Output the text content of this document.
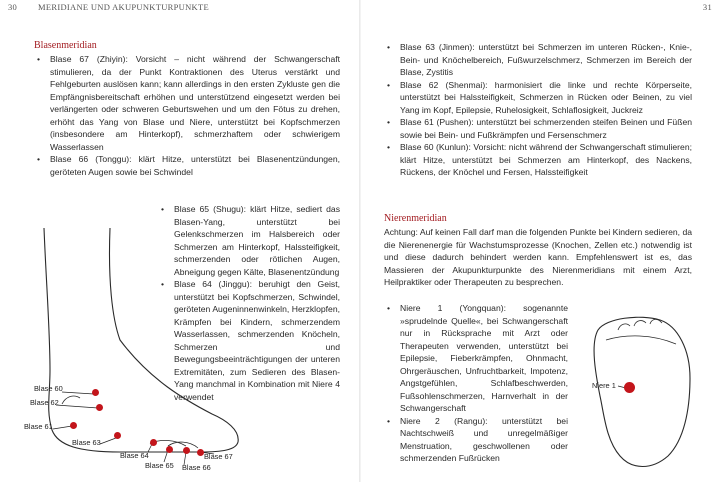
30 MERIDIANE UND AKUPUNKTURPUNKTE	31
Blasenmeridian

• Blase 67 (Zhiyin): Vorsicht – nicht während der Schwangerschaft stimulieren, da der Punkt Kontraktionen des Uterus verstärkt und Fehlgeburten auslösen kann; kann allerdings in den ersten Zykluste gen die Empfängnisbereitschaft erhöhen und unterstützend eingesetzt werden bei verlängerten oder schweren Geburtswehen und um den Fötus zu drehen, erhöht das Yang von Blase und Niere, unterstützt bei Kopfschmerzen (insbesondere am Hinterkopf), schmerzhaftem oder schwierigem Wasserlassen

• Blase 66 (Tonggu): klärt Hitze, unterstützt bei Blasenentzündungen, geröteten Augen sowie bei Schwindel

• Blase 65 (Shugu): klärt Hitze, sediert das Blasen-Yang, unterstützt bei Gelenkschmerzen im Halsbereich oder Schmerzen am Hinterkopf, Halssteifigkeit, schmerzenden oder rötlichen Augen, Abneigung gegen Kälte, Blasenentzündung

• Blase 64 (Jinggu): beruhigt den Geist, unterstützt bei Kopfschmerzen, Schwindel, geröteten Augeninnenwinkeln, Herzklopfen, Krämpfen bei Kindern, schmerzendem Wasserlassen, schmerzenden Knöcheln, Schmerzen und Bewegungsbeeinträchtigungen der unteren Extremitäten, zum Sedieren des Blasen-Yang manchmal in Kombination mit Niere 4 verwendet

Blase 60
Blase 62
Blase 61
Blase 63
Blase 64
Blase 65 Blase 66
Blase 67

• Blase 63 (Jinmen): unterstützt bei Schmerzen im unteren Rücken-, Knie-, Bein- und Knöchelbereich, Fußwurzelschmerz, Schmerzen im Bereich der Blase, Zystitis

• Blase 62 (Shenmai): harmonisiert die linke und rechte Körperseite, unterstützt bei Halssteifigkeit, Schmerzen in Rücken oder Beinen, zu viel Yang im Kopf, Epilepsie, Ruhelosigkeit, Schlaflosigkeit, Juckreiz

• Blase 61 (Pushen): unterstützt bei schmerzenden steifen Beinen und Füßen sowie bei Bein- und Fußkrämpfen und Fersenschmerz

• Blase 60 (Kunlun): Vorsicht: nicht während der Schwangerschaft stimulieren; klärt Hitze, unterstützt bei Schmerzen am Hinterkopf, des Nackens, Rückens, der Knöchel und Fersen, Halssteifigkeit

Nierenmeridian

Achtung: Auf keinen Fall darf man die folgenden Punkte bei Kindern sedieren, da die Nierenenergie für Wachstumsprozesse (Knochen, Zellen etc.) notwendig ist und diese dadurch behindert werden kann. Empfehlenswert ist es, das Massieren der Akupunkturpunkte des Nierenmeridians mit einem Arzt, Heilpraktiker oder Therapeuten zu besprechen.

• Niere 1 (Yongquan): sogenannte »sprudelnde Quelle«, bei Schwangerschaft nur in Rücksprache mit Arzt oder Therapeuten verwenden, unterstützt bei Epilepsie, Fieberkrämpfen, Ohnmacht, Ohrgeräuschen, Unfruchtbarkeit, Impotenz, Angstgefühlen, Schlafbeschwerden, Fußsohlenschmerzen, Harnverhalt in der Schwangerschaft

• Niere 2 (Rangu): unterstützt bei Nachtschweiß und unregelmäßiger Menstruation, geschwollenen oder schmerzenden Fußrücken

Niere 1
